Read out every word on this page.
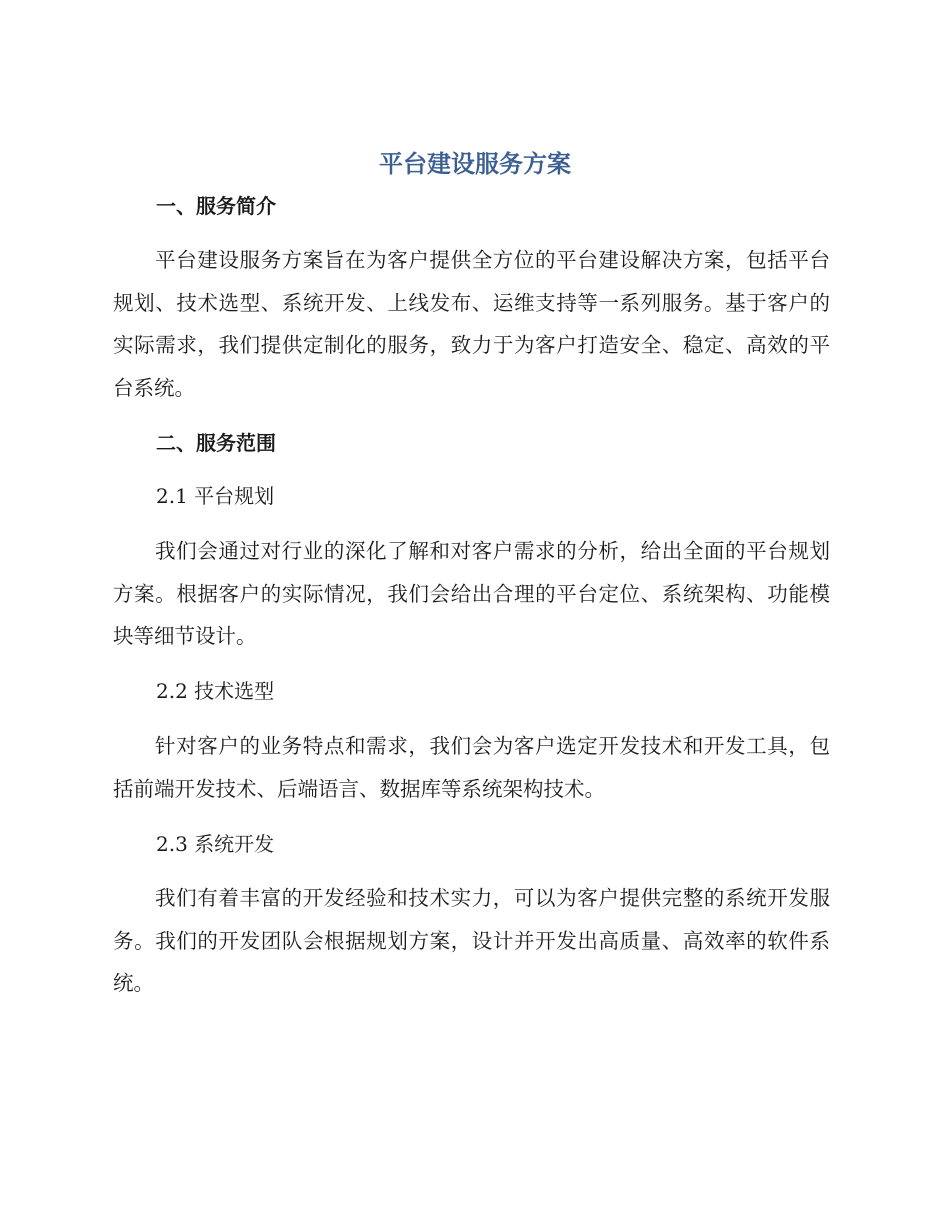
平台建设服务方案
一、服务简介

平台建设服务方案旨在为客户提供全方位的平台建设解决方案，包括平台规划、技术选型、系统开发、上线发布、运维支持等一系列服务。基于客户的实际需求，我们提供定制化的服务，致力于为客户打造安全、稳定、高效的平台系统。

二、服务范围
2.1 平台规划

我们会通过对行业的深化了解和对客户需求的分析，给出全面的平台规划方案。根据客户的实际情况，我们会给出合理的平台定位、系统架构、功能模块等细节设计。

2.2 技术选型

针对客户的业务特点和需求，我们会为客户选定开发技术和开发工具，包括前端开发技术、后端语言、数据库等系统架构技术。

2.3 系统开发

我们有着丰富的开发经验和技术实力，可以为客户提供完整的系统开发服务。我们的开发团队会根据规划方案，设计并开发出高质量、高效率的软件系统。
